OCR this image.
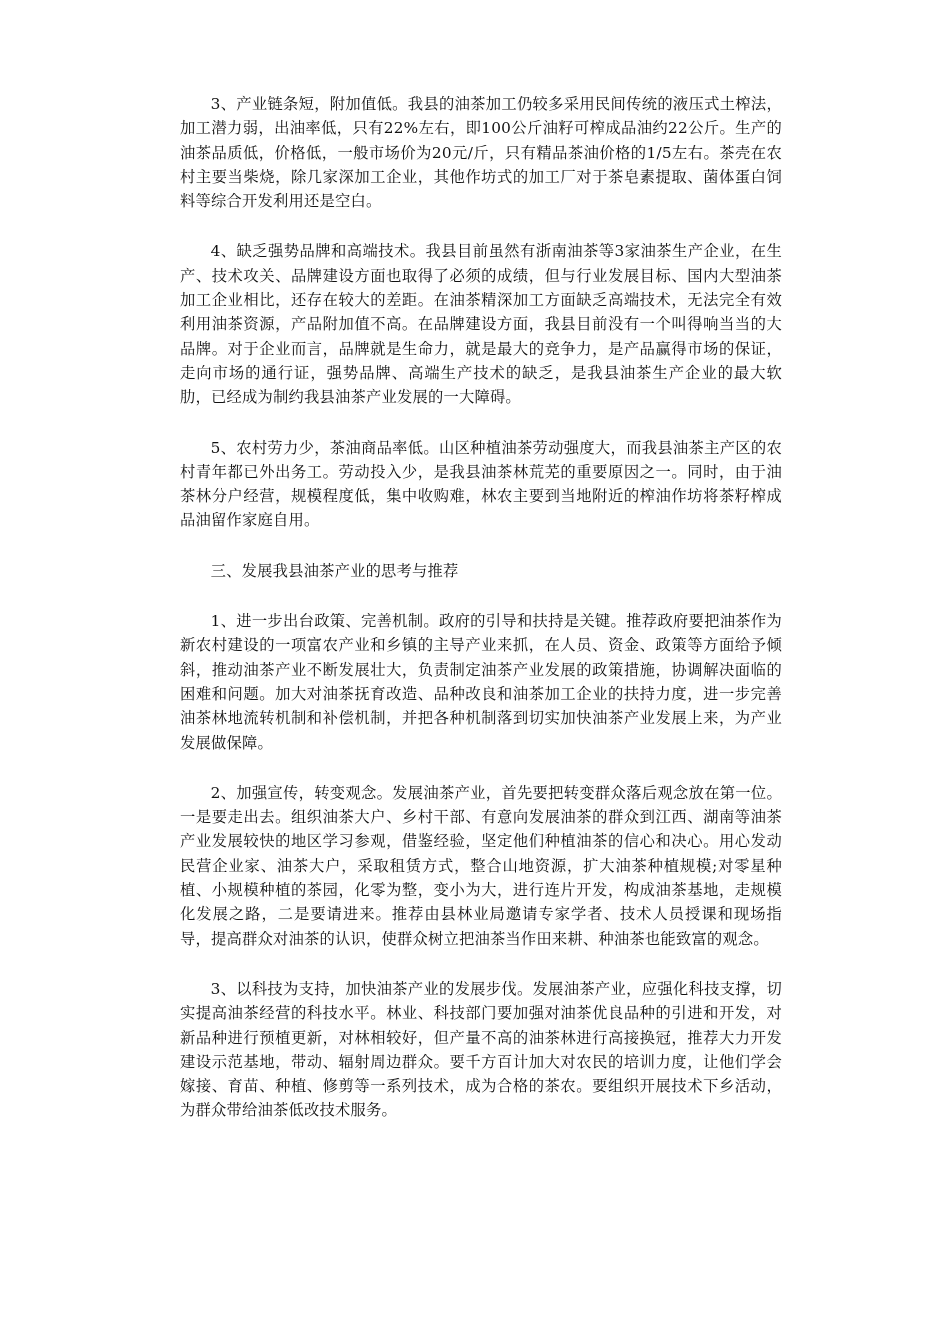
3、产业链条短，附加值低。我县的油茶加工仍较多采用民间传统的液压式土榨法，加工潜力弱，出油率低，只有22%左右，即100公斤油籽可榨成品油约22公斤。生产的油茶品质低，价格低，一般市场价为20元/斤，只有精品茶油价格的1/5左右。茶壳在农村主要当柴烧，除几家深加工企业，其他作坊式的加工厂对于茶皂素提取、菌体蛋白饲料等综合开发利用还是空白。

4、缺乏强势品牌和高端技术。我县目前虽然有浙南油茶等3家油茶生产企业，在生产、技术攻关、品牌建设方面也取得了必须的成绩，但与行业发展目标、国内大型油茶加工企业相比，还存在较大的差距。在油茶精深加工方面缺乏高端技术，无法完全有效利用油茶资源，产品附加值不高。在品牌建设方面，我县目前没有一个叫得响当当的大品牌。对于企业而言，品牌就是生命力，就是最大的竞争力，是产品赢得市场的保证，走向市场的通行证，强势品牌、高端生产技术的缺乏，是我县油茶生产企业的最大软肋，已经成为制约我县油茶产业发展的一大障碍。

5、农村劳力少，茶油商品率低。山区种植油茶劳动强度大，而我县油茶主产区的农村青年都已外出务工。劳动投入少，是我县油茶林荒芜的重要原因之一。同时，由于油茶林分户经营，规模程度低，集中收购难，林农主要到当地附近的榨油作坊将茶籽榨成品油留作家庭自用。

三、发展我县油茶产业的思考与推荐

1、进一步出台政策、完善机制。政府的引导和扶持是关键。推荐政府要把油茶作为新农村建设的一项富农产业和乡镇的主导产业来抓，在人员、资金、政策等方面给予倾斜，推动油茶产业不断发展壮大，负责制定油茶产业发展的政策措施，协调解决面临的困难和问题。加大对油茶抚育改造、品种改良和油茶加工企业的扶持力度，进一步完善油茶林地流转机制和补偿机制，并把各种机制落到切实加快油茶产业发展上来，为产业发展做保障。

2、加强宣传，转变观念。发展油茶产业，首先要把转变群众落后观念放在第一位。一是要走出去。组织油茶大户、乡村干部、有意向发展油茶的群众到江西、湖南等油茶产业发展较快的地区学习参观，借鉴经验，坚定他们种植油茶的信心和决心。用心发动民营企业家、油茶大户，采取租赁方式，整合山地资源，扩大油茶种植规模;对零星种植、小规模种植的茶园，化零为整，变小为大，进行连片开发，构成油茶基地，走规模化发展之路，二是要请进来。推荐由县林业局邀请专家学者、技术人员授课和现场指导，提高群众对油茶的认识，使群众树立把油茶当作田来耕、种油茶也能致富的观念。

3、以科技为支持，加快油茶产业的发展步伐。发展油茶产业，应强化科技支撑，切实提高油茶经营的科技水平。林业、科技部门要加强对油茶优良品种的引进和开发，对新品种进行预植更新，对林相较好，但产量不高的油茶林进行高接换冠，推荐大力开发建设示范基地，带动、辐射周边群众。要千方百计加大对农民的培训力度，让他们学会嫁接、育苗、种植、修剪等一系列技术，成为合格的茶农。要组织开展技术下乡活动，为群众带给油茶低改技术服务。
